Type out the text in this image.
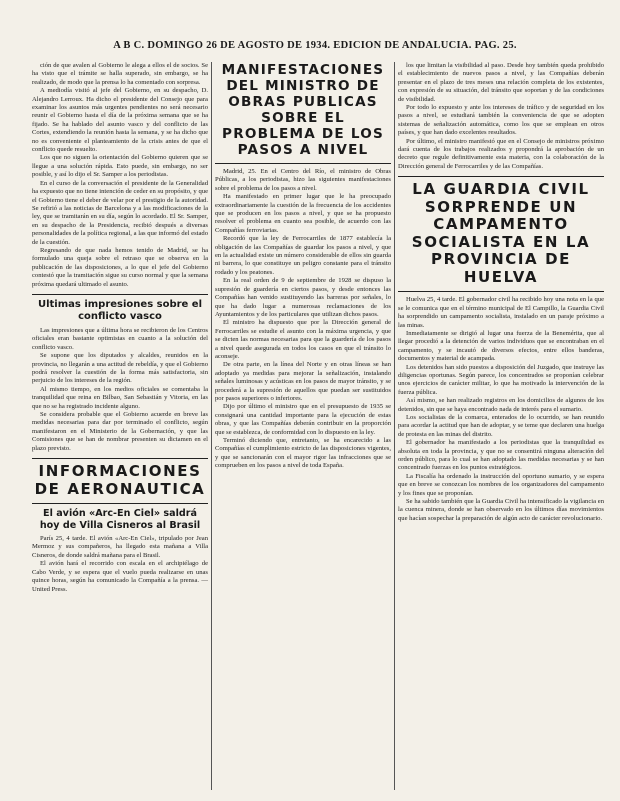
A B C. DOMINGO 26 DE AGOSTO DE 1934. EDICION DE ANDALUCIA. PAG. 25.

ción de que avalen al Gobierno le alega a ellos el de socios. Se ha visto que el trámite se halla superado, sin embargo, se ha realizado, de modo que la prensa lo ha comentado con sorpresa.

A mediodía visitó al jefe del Gobierno, en su despacho, D. Alejandro Lerroux. Ha dicho el presidente del Consejo que para examinar los asuntos más urgentes pendientes no será necesario reunir el Gobierno hasta el día de la próxima semana que se ha fijado. Se ha hablado del asunto vasco y del conflicto de las Cortes, extendiendo la reunión hasta la semana, y se ha dicho que no es conveniente el planteamiento de la crisis antes de que el conflicto quede resuelto.

Los que no siguen la orientación del Gobierno quieren que se llegue a una solución rápida. Esto puede, sin embargo, no ser posible, y así lo dijo el Sr. Samper a los periodistas.

En el curso de la conversación el presidente de la Generalidad ha expuesto que no tiene intención de ceder en su propósito, y que el Gobierno tiene el deber de velar por el prestigio de la autoridad. Se refirió a las noticias de Barcelona y a las modificaciones de la ley, que se tramitarán en su día, según lo acordado. El Sr. Samper, en su despacho de la Presidencia, recibió después a diversas personalidades de la política regional, a las que informó del estado de la cuestión.

Regresando de que nada hemos tenido de Madrid, se ha formulado una queja sobre el retraso que se observa en la publicación de las disposiciones, a lo que el jefe del Gobierno contestó que la tramitación sigue su curso normal y que la semana próxima quedará ultimado el asunto.

Ultimas impresiones sobre el conflicto vasco

Las impresiones que a última hora se recibieron de los Centros oficiales eran bastante optimistas en cuanto a la solución del conflicto vasco.

Se supone que los diputados y alcaldes, reunidos en la provincia, no llegarán a una actitud de rebeldía, y que el Gobierno podrá resolver la cuestión de la forma más satisfactoria, sin perjuicio de los intereses de la región.

Al mismo tiempo, en los medios oficiales se comentaba la tranquilidad que reina en Bilbao, San Sebastián y Vitoria, en las que no se ha registrado incidente alguno.

Se considera probable que el Gobierno acuerde en breve las medidas necesarias para dar por terminado el conflicto, según manifestaron en el Ministerio de la Gobernación, y que las Comisiones que se han de nombrar presenten su dictamen en el plazo previsto.

INFORMACIONES DE AERONAUTICA
El avión «Arc-En Ciel» saldrá hoy de Villa Cisneros al Brasil

París 25, 4 tarde. El avión «Arc-En Ciel», tripulado por Jean Mermoz y sus compañeros, ha llegado esta mañana a Villa Cisneros, de donde saldrá mañana para el Brasil.

El avión hará el recorrido con escala en el archipiélago de Cabo Verde, y se espera que el vuelo pueda realizarse en unas quince horas, según ha comunicado la Compañía a la prensa. —United Press.

MANIFESTACIONES DEL MINISTRO DE OBRAS PUBLICAS SOBRE EL PROBLEMA DE LOS PASOS A NIVEL

Madrid, 25. En el Centro del Río, el ministro de Obras Públicas, a los periodistas, hizo las siguientes manifestaciones sobre el problema de los pasos a nivel.

Ha manifestado en primer lugar que le ha preocupado extraordinariamente la cuestión de la frecuencia de los accidentes que se producen en los pasos a nivel, y que se ha propuesto resolver el problema en cuanto sea posible, de acuerdo con las Compañías ferroviarias.

Recordó que la ley de Ferrocarriles de 1877 establecía la obligación de las Compañías de guardar los pasos a nivel, y que en la actualidad existe un número considerable de ellos sin guarda ni barrera, lo que constituye un peligro constante para el tránsito rodado y los peatones.

En la real orden de 9 de septiembre de 1928 se dispuso la supresión de guardería en ciertos pasos, y desde entonces las Compañías han venido sustituyendo las barreras por señales, lo que ha dado lugar a numerosas reclamaciones de los Ayuntamientos y de los particulares que utilizan dichos pasos.

El ministro ha dispuesto que por la Dirección general de Ferrocarriles se estudie el asunto con la máxima urgencia, y que se dicten las normas necesarias para que la guardería de los pasos a nivel quede asegurada en todos los casos en que el tránsito lo aconseje.

De otra parte, en la línea del Norte y en otras líneas se han adoptado ya medidas para mejorar la señalización, instalando señales luminosas y acústicas en los pasos de mayor tránsito, y se procederá a la supresión de aquellos que puedan ser sustituidos por pasos superiores o inferiores.

Dijo por último el ministro que en el presupuesto de 1935 se consignará una cantidad importante para la ejecución de estas obras, y que las Compañías deberán contribuir en la proporción que se establezca, de conformidad con lo dispuesto en la ley.

Terminó diciendo que, entretanto, se ha encarecido a las Compañías el cumplimiento estricto de las disposiciones vigentes, y que se sancionarán con el mayor rigor las infracciones que se comprueben en los pasos a nivel de toda España.

los que limitan la visibilidad al paso. Desde hoy también queda prohibido el establecimiento de nuevos pasos a nivel, y las Compañías deberán presentar en el plazo de tres meses una relación completa de los existentes, con expresión de su situación, del tránsito que soportan y de las condiciones de visibilidad.

Por todo lo expuesto y ante los intereses de tráfico y de seguridad en los pasos a nivel, se estudiará también la conveniencia de que se adopten sistemas de señalización automática, como los que se emplean en otros países, y que han dado excelentes resultados.

Por último, el ministro manifestó que en el Consejo de ministros próximo dará cuenta de los trabajos realizados y propondrá la aprobación de un decreto que regule definitivamente esta materia, con la colaboración de la Dirección general de Ferrocarriles y de las Compañías.

LA GUARDIA CIVIL SORPRENDE UN CAMPAMENTO SOCIALISTA EN LA PROVINCIA DE HUELVA

Huelva 25, 4 tarde. El gobernador civil ha recibido hoy una nota en la que se le comunica que en el término municipal de El Campillo, la Guardia Civil ha sorprendido un campamento socialista, instalado en un paraje próximo a las minas.

Inmediatamente se dirigió al lugar una fuerza de la Benemérita, que al llegar procedió a la detención de varios individuos que se encontraban en el campamento, y se incautó de diversos efectos, entre ellos banderas, documentos y material de acampada.

Los detenidos han sido puestos a disposición del Juzgado, que instruye las diligencias oportunas. Según parece, los concentrados se proponían celebrar unos ejercicios de carácter militar, lo que ha motivado la intervención de la fuerza pública.

Así mismo, se han realizado registros en los domicilios de algunos de los detenidos, sin que se haya encontrado nada de interés para el sumario.

Los socialistas de la comarca, enterados de lo ocurrido, se han reunido para acordar la actitud que han de adoptar, y se teme que declaren una huelga de protesta en las minas del distrito.

El gobernador ha manifestado a los periodistas que la tranquilidad es absoluta en toda la provincia, y que no se consentirá ninguna alteración del orden público, para lo cual se han adoptado las medidas necesarias y se han concentrado fuerzas en los puntos estratégicos.

La Fiscalía ha ordenado la instrucción del oportuno sumario, y se espera que en breve se conozcan los nombres de los organizadores del campamento y los fines que se proponían.

Se ha sabido también que la Guardia Civil ha intensificado la vigilancia en la cuenca minera, donde se han observado en los últimos días movimientos que hacían sospechar la preparación de algún acto de carácter revolucionario.
